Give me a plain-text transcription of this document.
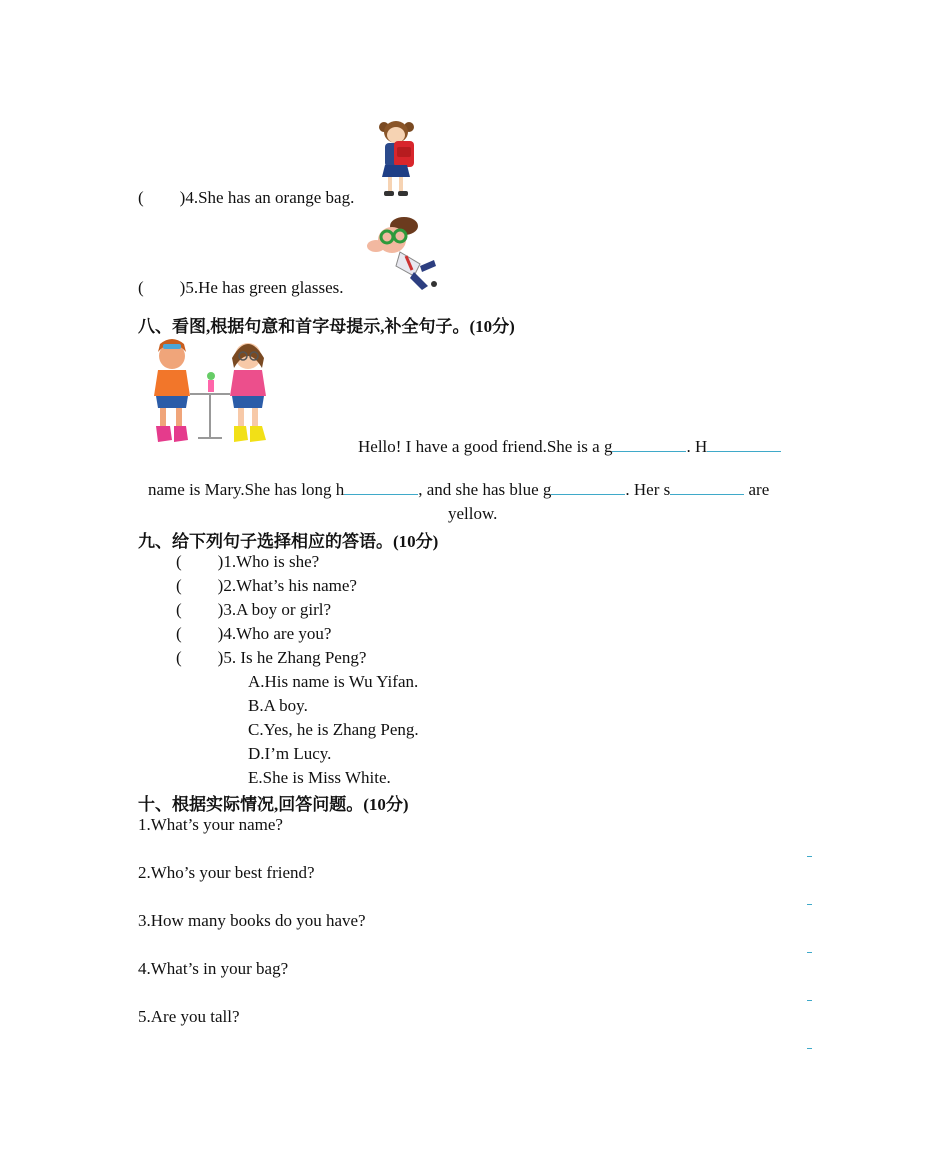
( )4.She has an orange bag.
( )5.He has green glasses.
八、看图,根据句意和首字母提示,补全句子。(10分)
Hello! I have a good friend.She is a g	. H
name is Mary.She has long h	, and she has blue g	. Her s	are
yellow.
九、给下列句子选择相应的答语。(10分)
( )1.Who is she?
( )2.What’s his name?
( )3.A boy or girl?
( )4.Who are you?
( )5. Is he Zhang Peng?
A.His name is Wu Yifan.
B.A boy.
C.Yes, he is Zhang Peng.
D.I’m Lucy.
E.She is Miss White.
十、根据实际情况,回答问题。(10分)
1.What’s your name?
2.Who’s your best friend?
3.How many books do you have?
4.What’s in your bag?
5.Are you tall?
